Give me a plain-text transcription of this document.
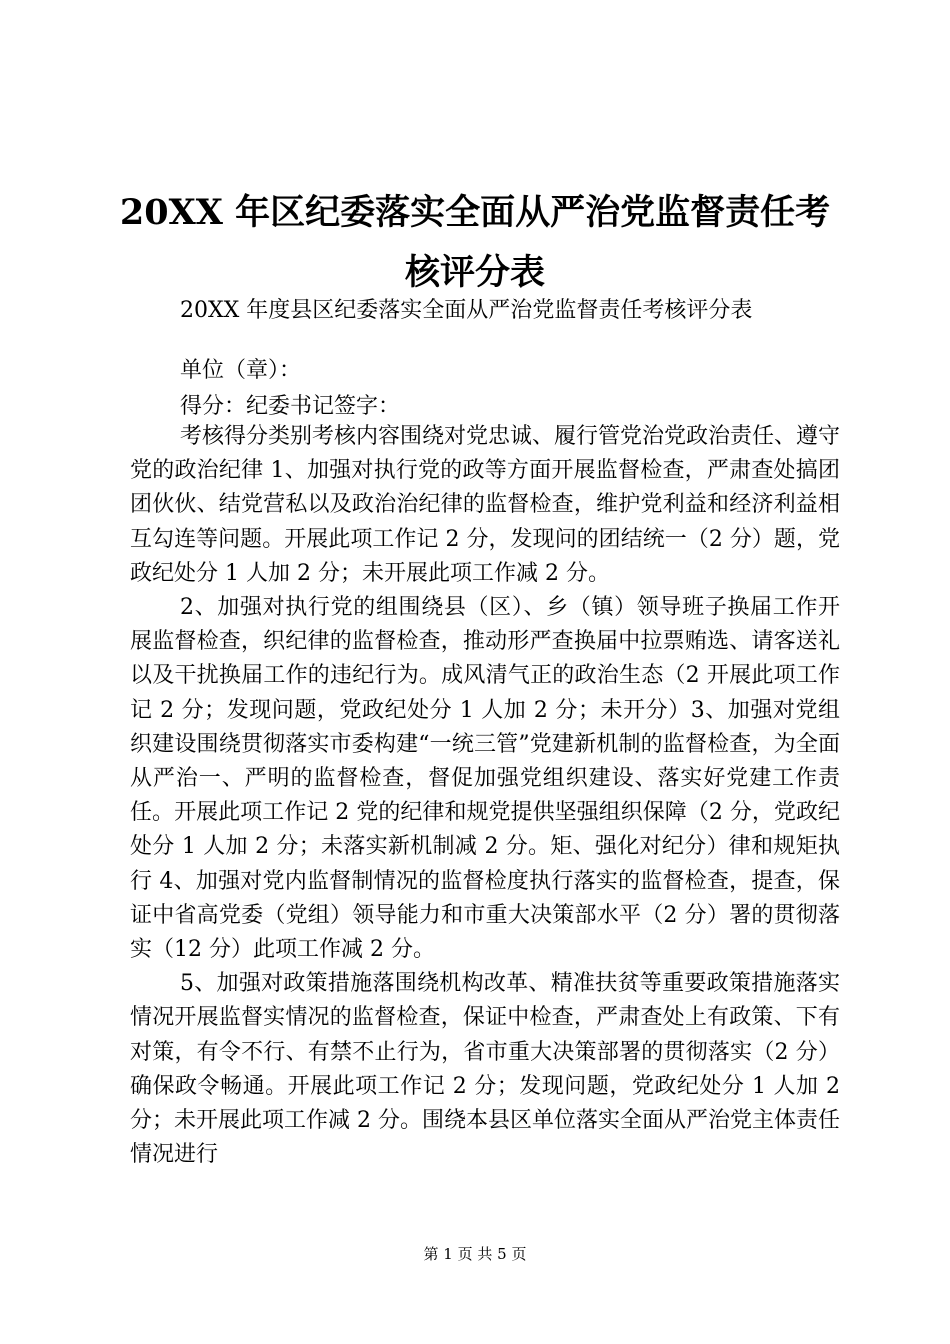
20XX 年区纪委落实全面从严治党监督责任考
核评分表
20XX 年度县区纪委落实全面从严治党监督责任考核评分表
单位（章）：
得分：纪委书记签字：

考核得分类别考核内容围绕对党忠诚、履行管党治党政治责任、遵守党的政治纪律 1、加强对执行党的政等方面开展监督检查，严肃查处搞团团伙伙、结党营私以及政治治纪律的监督检查，维护党利益和经济利益相互勾连等问题。开展此项工作记 2 分，发现问的团结统一（2 分）题，党政纪处分 1 人加 2 分；未开展此项工作减 2 分。

2、加强对执行党的组围绕县（区）、乡（镇）领导班子换届工作开展监督检查，织纪律的监督检查，推动形严查换届中拉票贿选、请客送礼以及干扰换届工作的违纪行为。成风清气正的政治生态（2 开展此项工作记 2 分；发现问题，党政纪处分 1 人加 2 分；未开分）3、加强对党组织建设围绕贯彻落实市委构建“一统三管”党建新机制的监督检查，为全面从严治一、严明的监督检查，督促加强党组织建设、落实好党建工作责任。开展此项工作记 2 党的纪律和规党提供坚强组织保障（2 分，党政纪处分 1 人加 2 分；未落实新机制减 2 分。矩、强化对纪分）律和规矩执行 4、加强对党内监督制情况的监督检度执行落实的监督检查，提查，保证中省高党委（党组）领导能力和市重大决策部水平（2 分）署的贯彻落实（12 分）此项工作减 2 分。

5、加强对政策措施落围绕机构改革、精准扶贫等重要政策措施落实情况开展监督实情况的监督检查，保证中检查，严肃查处上有政策、下有对策，有令不行、有禁不止行为，省市重大决策部署的贯彻落实（2 分）确保政令畅通。开展此项工作记 2 分；发现问题，党政纪处分 1 人加 2 分；未开展此项工作减 2 分。围绕本县区单位落实全面从严治党主体责任情况进行

第 1 页 共 5 页
